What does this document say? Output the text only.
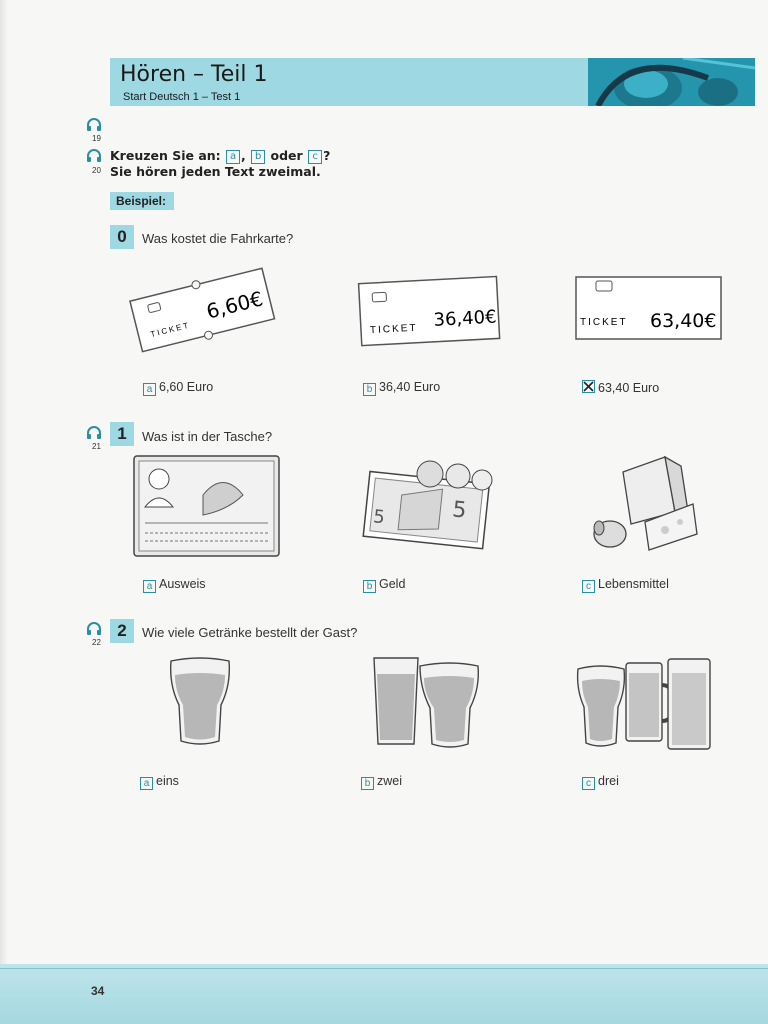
Hören – Teil 1
Start Deutsch 1 – Test 1
19
20
Kreuzen Sie an: a , b oder c ?
Sie hören jeden Text zweimal.
Beispiel:
0	Was kostet die Fahrkarte?
TICKET
6,60€
TICKET 36,40€	TICKET 63,40€
a 6,60 Euro	b 36,40 Euro	63,40 Euro
21
1	Was ist in der Tasche?
5	5
a Ausweis	b Geld	c Lebensmittel
22
2	Wie viele Getränke bestellt der Gast?
a eins	b zwei	c drei
34
